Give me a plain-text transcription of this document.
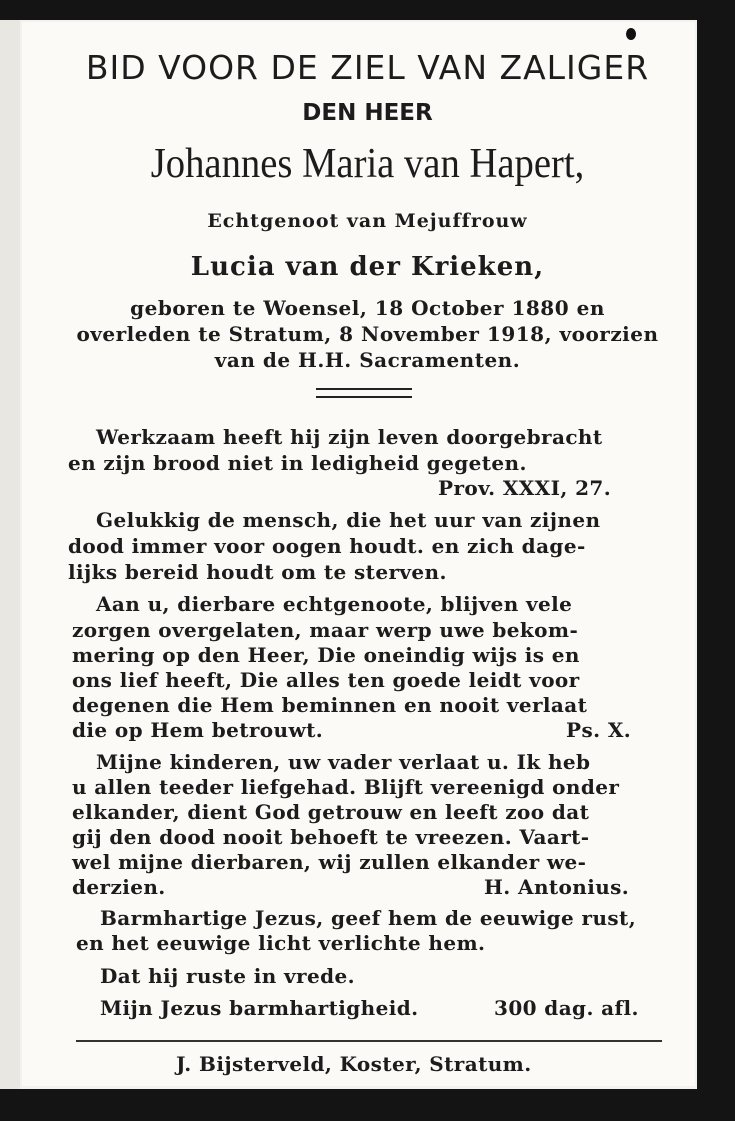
BID VOOR DE ZIEL VAN ZALIGER
DEN HEER
Johannes Maria van Hapert,
Echtgenoot van Mejuffrouw
Lucia van der Krieken,
geboren te Woensel, 18 October 1880 en
overleden te Stratum, 8 November 1918, voorzien
van de H.H. Sacramenten.
Werkzaam heeft hij zijn leven doorgebracht
en zijn brood niet in ledigheid gegeten.
Prov. XXXI, 27.
Gelukkig de mensch, die het uur van zijnen
dood immer voor oogen houdt. en zich dage-
lijks bereid houdt om te sterven.
Aan u, dierbare echtgenoote, blijven vele
zorgen overgelaten, maar werp uwe bekom-
mering op den Heer, Die oneindig wijs is en
ons lief heeft, Die alles ten goede leidt voor
degenen die Hem beminnen en nooit verlaat
die op Hem betrouwt.	Ps. X.
Mijne kinderen, uw vader verlaat u. Ik heb
u allen teeder liefgehad. Blijft vereenigd onder
elkander, dient God getrouw en leeft zoo dat
gij den dood nooit behoeft te vreezen. Vaart-
wel mijne dierbaren, wij zullen elkander we-
derzien.	H. Antonius.
Barmhartige Jezus, geef hem de eeuwige rust,
en het eeuwige licht verlichte hem.
Dat hij ruste in vrede.
Mijn Jezus barmhartigheid.	300 dag. afl.
J. Bijsterveld, Koster, Stratum.
